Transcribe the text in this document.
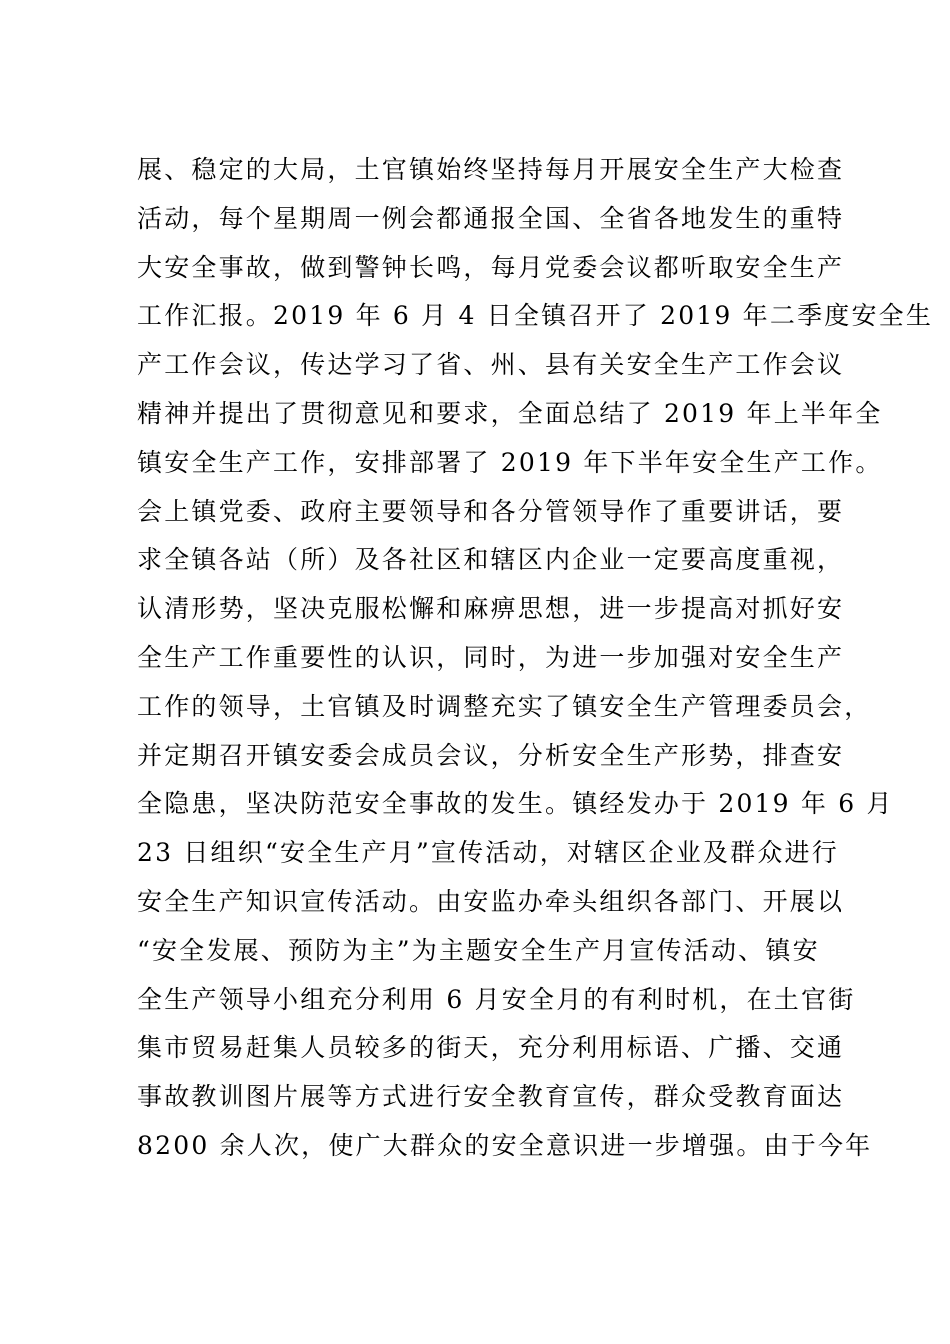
展、稳定的大局，土官镇始终坚持每月开展安全生产大检查
活动，每个星期周一例会都通报全国、全省各地发生的重特
大安全事故，做到警钟长鸣，每月党委会议都听取安全生产
工作汇报。2019 年 6 月 4 日全镇召开了 2019 年二季度安全生
产工作会议，传达学习了省、州、县有关安全生产工作会议
精神并提出了贯彻意见和要求，全面总结了 2019 年上半年全
镇安全生产工作，安排部署了 2019 年下半年安全生产工作。
会上镇党委、政府主要领导和各分管领导作了重要讲话，要
求全镇各站（所）及各社区和辖区内企业一定要高度重视，
认清形势，坚决克服松懈和麻痹思想，进一步提高对抓好安
全生产工作重要性的认识，同时，为进一步加强对安全生产
工作的领导，土官镇及时调整充实了镇安全生产管理委员会，
并定期召开镇安委会成员会议，分析安全生产形势，排查安
全隐患，坚决防范安全事故的发生。镇经发办于 2019 年 6 月
23 日组织“安全生产月”宣传活动，对辖区企业及群众进行
安全生产知识宣传活动。由安监办牵头组织各部门、开展以
“安全发展、预防为主”为主题安全生产月宣传活动、镇安
全生产领导小组充分利用 6 月安全月的有利时机，在土官街
集市贸易赶集人员较多的街天，充分利用标语、广播、交通
事故教训图片展等方式进行安全教育宣传，群众受教育面达
8200 余人次，使广大群众的安全意识进一步增强。由于今年
